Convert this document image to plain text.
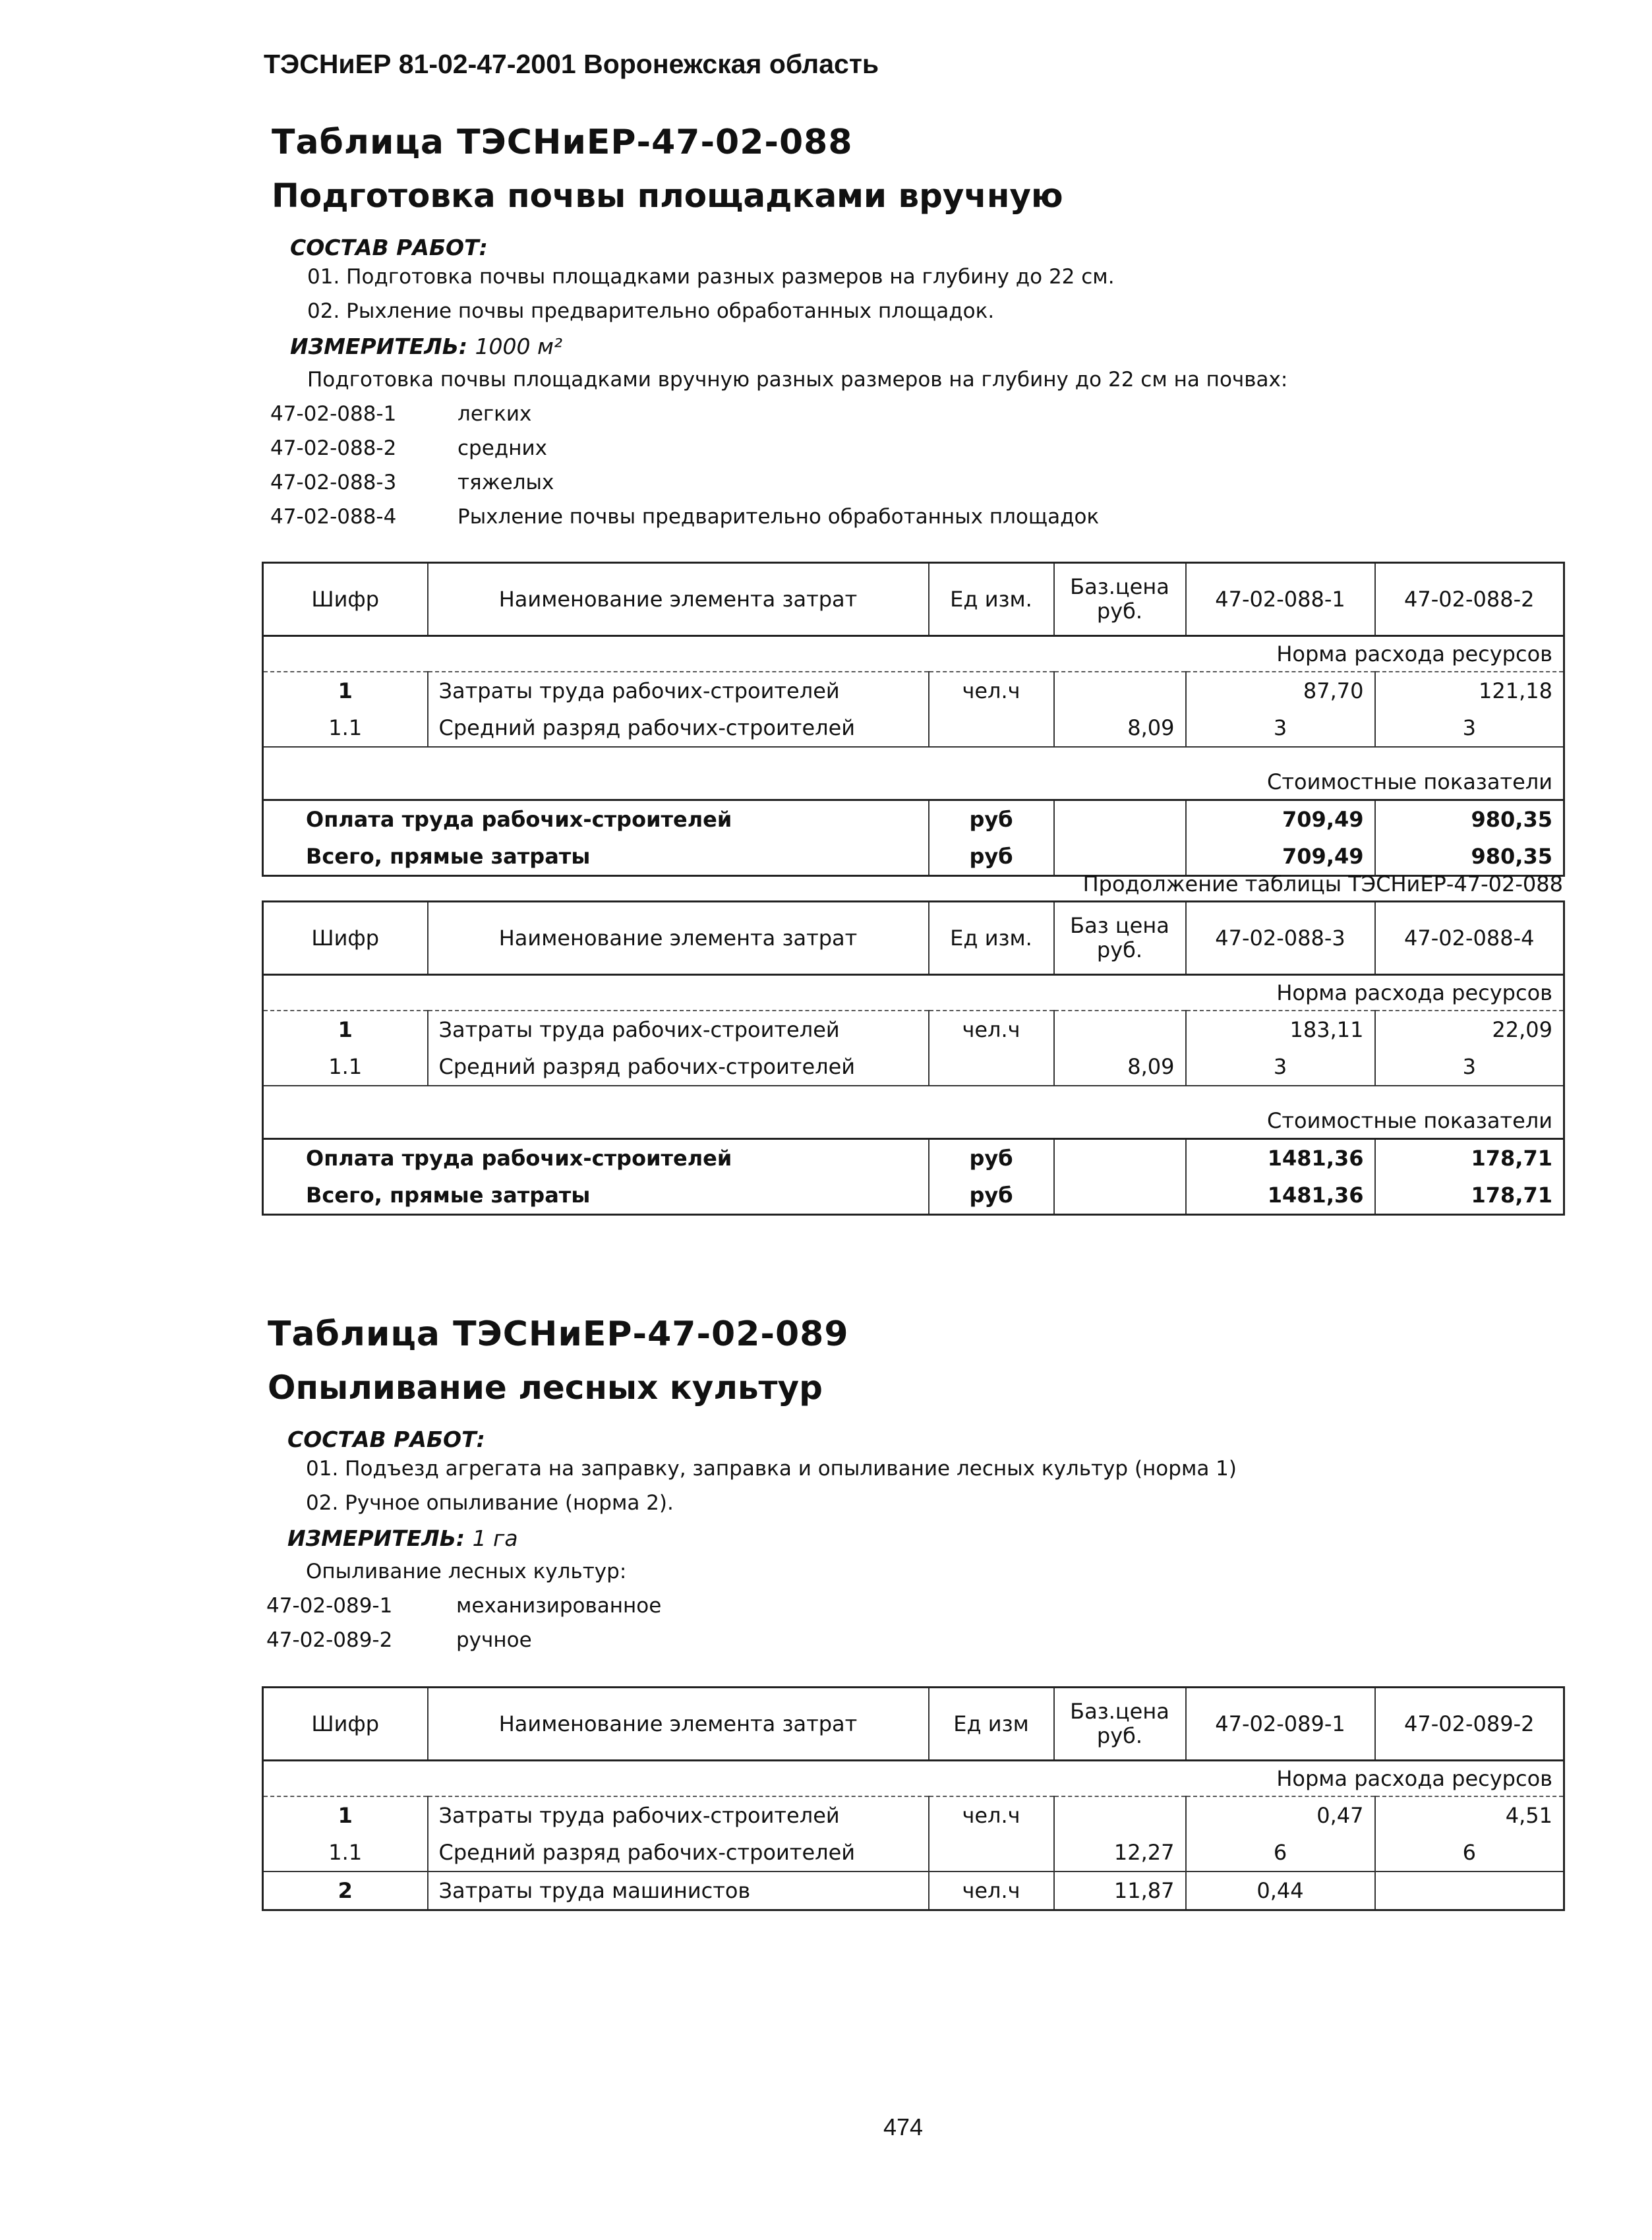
ТЭСНиЕР 81-02-47-2001 Воронежская область
Таблица ТЭСНиЕР-47-02-088
Подготовка почвы площадками вручную
СОСТАВ РАБОТ:
01. Подготовка почвы площадками разных размеров на глубину до 22 см.
02. Рыхление почвы предварительно обработанных площадок.
ИЗМЕРИТЕЛЬ: 1000 м²
Подготовка почвы площадками вручную разных размеров на глубину до 22 см на почвах:
47-02-088-1	легких
47-02-088-2	средних
47-02-088-3	тяжелых
47-02-088-4	Рыхление почвы предварительно обработанных площадок
Шифр	Наименование элемента затрат	Ед изм.	Баз.цена руб.	47-02-088-1	47-02-088-2
Норма расхода ресурсов					
1	Затраты труда рабочих-строителей	чел.ч		87,70	121,18
1.1	Средний разряд рабочих-строителей		8,09	3	3

Стоимостные показатели					
Оплата труда рабочих-строителей		руб		709,49	980,35
Всего, прямые затраты		руб		709,49	980,35
Продолжение таблицы ТЭСНиЕР-47-02-088
Шифр	Наименование элемента затрат	Ед изм.	Баз цена руб.	47-02-088-3	47-02-088-4
Норма расхода ресурсов					
1	Затраты труда рабочих-строителей	чел.ч		183,11	22,09
1.1	Средний разряд рабочих-строителей		8,09	3	3

Стоимостные показатели					
Оплата труда рабочих-строителей		руб		1481,36	178,71
Всего, прямые затраты		руб		1481,36	178,71
Таблица ТЭСНиЕР-47-02-089
Опыливание лесных культур
СОСТАВ РАБОТ:
01. Подъезд агрегата на заправку, заправка и опыливание лесных культур (норма 1)
02. Ручное опыливание (норма 2).
ИЗМЕРИТЕЛЬ: 1 га
Опыливание лесных культур:
47-02-089-1	механизированное
47-02-089-2	ручное
Шифр	Наименование элемента затрат	Ед изм	Баз.цена руб.	47-02-089-1	47-02-089-2
Норма расхода ресурсов					
1	Затраты труда рабочих-строителей	чел.ч		0,47	4,51
1.1	Средний разряд рабочих-строителей		12,27	6	6
2	Затраты труда машинистов	чел.ч	11,87	0,44	
474
